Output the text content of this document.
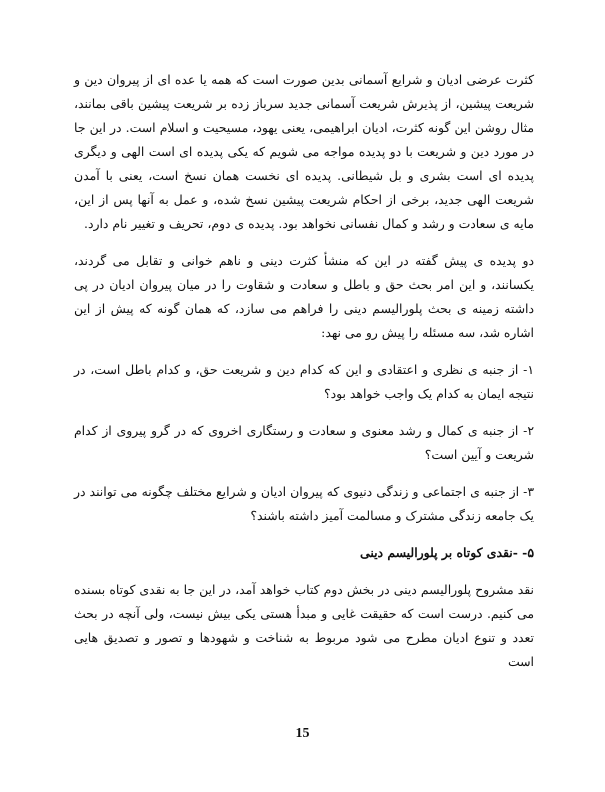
کثرت عرضی ادیان و شرایع آسمانی بدین صورت است که همه یا عده ای از پیروان دین و شریعت پیشین، از پذیرش شریعت آسمانی جدید سرباز زده بر شریعت پیشین باقی بمانند، مثال روشن این گونه کثرت، ادیان ابراهیمی، یعنی یهود، مسیحیت و اسلام است. در این جا در مورد دین و شریعت با دو پدیده مواجه می شویم که یکی پدیده ای است الهی و دیگری پدیده ای است بشری و بل شیطانی. پدیده ای نخست همان نسخ است، یعنی با آمدن شریعت الهی جدید، برخی از احکام شریعت پیشین نسخ شده، و عمل به آنها پس از این، مایه ی سعادت و رشد و کمال نفسانی نخواهد بود. پدیده ی دوم، تحریف و تغییر نام دارد.

دو پدیده ی پیش گفته در این که منشأ کثرت دینی و ناهم خوانی و تقابل می گردند، یکسانند، و این امر بحث حق و باطل و سعادت و شقاوت را در میان پیروان ادیان در پی داشته زمینه ی بحث پلورالیسم دینی را فراهم می سازد، که همان گونه که پیش از این اشاره شد، سه مسئله را پیش رو می نهد:

۱- از جنبه ی نظری و اعتقادی و این که کدام دین و شریعت حق، و کدام باطل است، در نتیجه ایمان به کدام یک واجب خواهد بود؟

۲- از جنبه ی کمال و رشد معنوی و سعادت و رستگاری اخروی که در گرو پیروی از کدام شریعت و آیین است؟

۳- از جنبه ی اجتماعی و زندگی دنیوی که پیروان ادیان و شرایع مختلف چگونه می توانند در یک جامعه زندگی مشترک و مسالمت آمیز داشته باشند؟

۵- -نقدی کوتاه بر پلورالیسم دینی

نقد مشروح پلورالیسم دینی در بخش دوم کتاب خواهد آمد، در این جا به نقدی کوتاه بسنده می کنیم. درست است که حقیقت غایی و مبدأ هستی یکی بیش نیست، ولی آنچه در بحث تعدد و تنوع ادیان مطرح می شود مربوط به شناخت و شهودها و تصور و تصدیق هایی است

15
